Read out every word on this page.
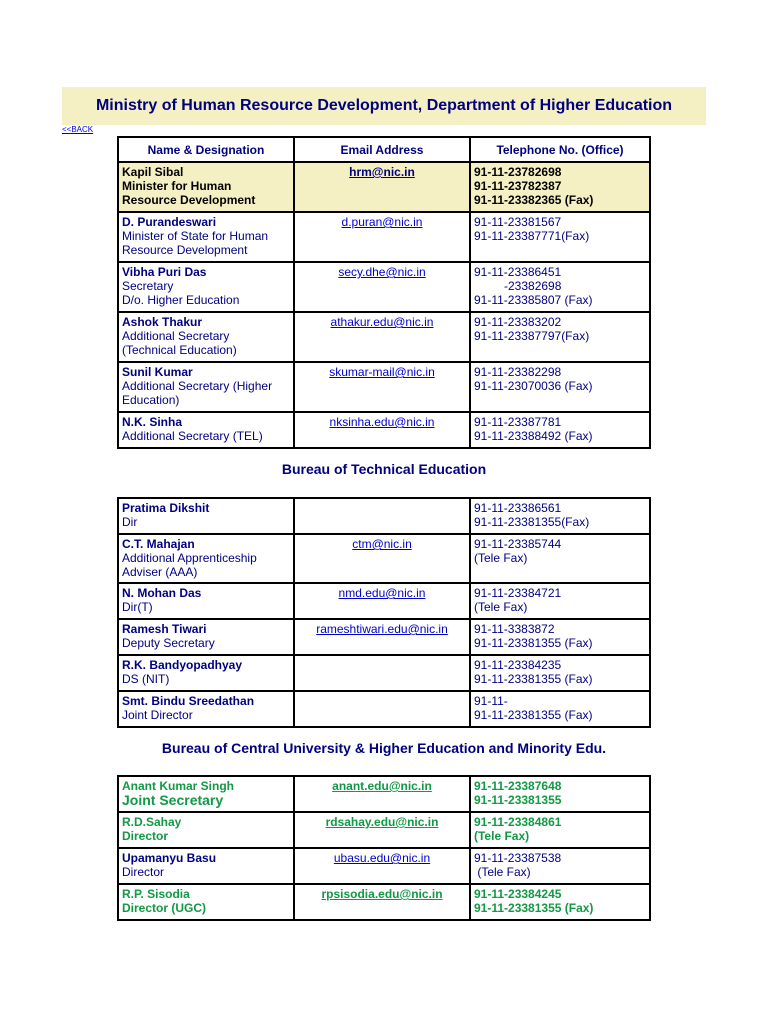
Ministry of Human Resource Development, Department of Higher Education
<<BACK
Name & Designation	Email Address	Telephone No. (Office)

Kapil Sibal
Minister for Human
Resource Development	hrm@nic.in	91-11-23782698
91-11-23782387
91-11-23382365 (Fax)

D. Purandeswari
Minister of State for Human
Resource Development	d.puran@nic.in	91-11-23381567
91-11-23387771(Fax)

Vibha Puri Das
Secretary
D/o. Higher Education	secy.dhe@nic.in	91-11-23386451
-23382698
91-11-23385807 (Fax)

Ashok Thakur
Additional Secretary
(Technical Education)	athakur.edu@nic.in	91-11-23383202
91-11-23387797(Fax)

Sunil Kumar
Additional Secretary (Higher
Education)	skumar-mail@nic.in	91-11-23382298
91-11-23070036 (Fax)

N.K. Sinha
Additional Secretary (TEL)	nksinha.edu@nic.in	91-11-23387781
91-11-23388492 (Fax)
Bureau of Technical Education
Pratima Dikshit
Dir		91-11-23386561
91-11-23381355(Fax)

C.T. Mahajan
Additional Apprenticeship
Adviser (AAA)	ctm@nic.in	91-11-23385744
(Tele Fax)

N. Mohan Das
Dir(T)	nmd.edu@nic.in	91-11-23384721
(Tele Fax)

Ramesh Tiwari
Deputy Secretary	rameshtiwari.edu@nic.in	91-11-3383872
91-11-23381355 (Fax)

R.K. Bandyopadhyay
DS (NIT)		91-11-23384235
91-11-23381355 (Fax)

Smt. Bindu Sreedathan
Joint Director		91-11-
91-11-23381355 (Fax)
Bureau of Central University & Higher Education and Minority Edu.
Anant Kumar Singh
Joint Secretary	anant.edu@nic.in	91-11-23387648
91-11-23381355

R.D.Sahay
Director	rdsahay.edu@nic.in	91-11-23384861
(Tele Fax)

Upamanyu Basu
Director	ubasu.edu@nic.in	91-11-23387538
(Tele Fax)

R.P. Sisodia
Director (UGC)	rpsisodia.edu@nic.in	91-11-23384245
91-11-23381355 (Fax)
